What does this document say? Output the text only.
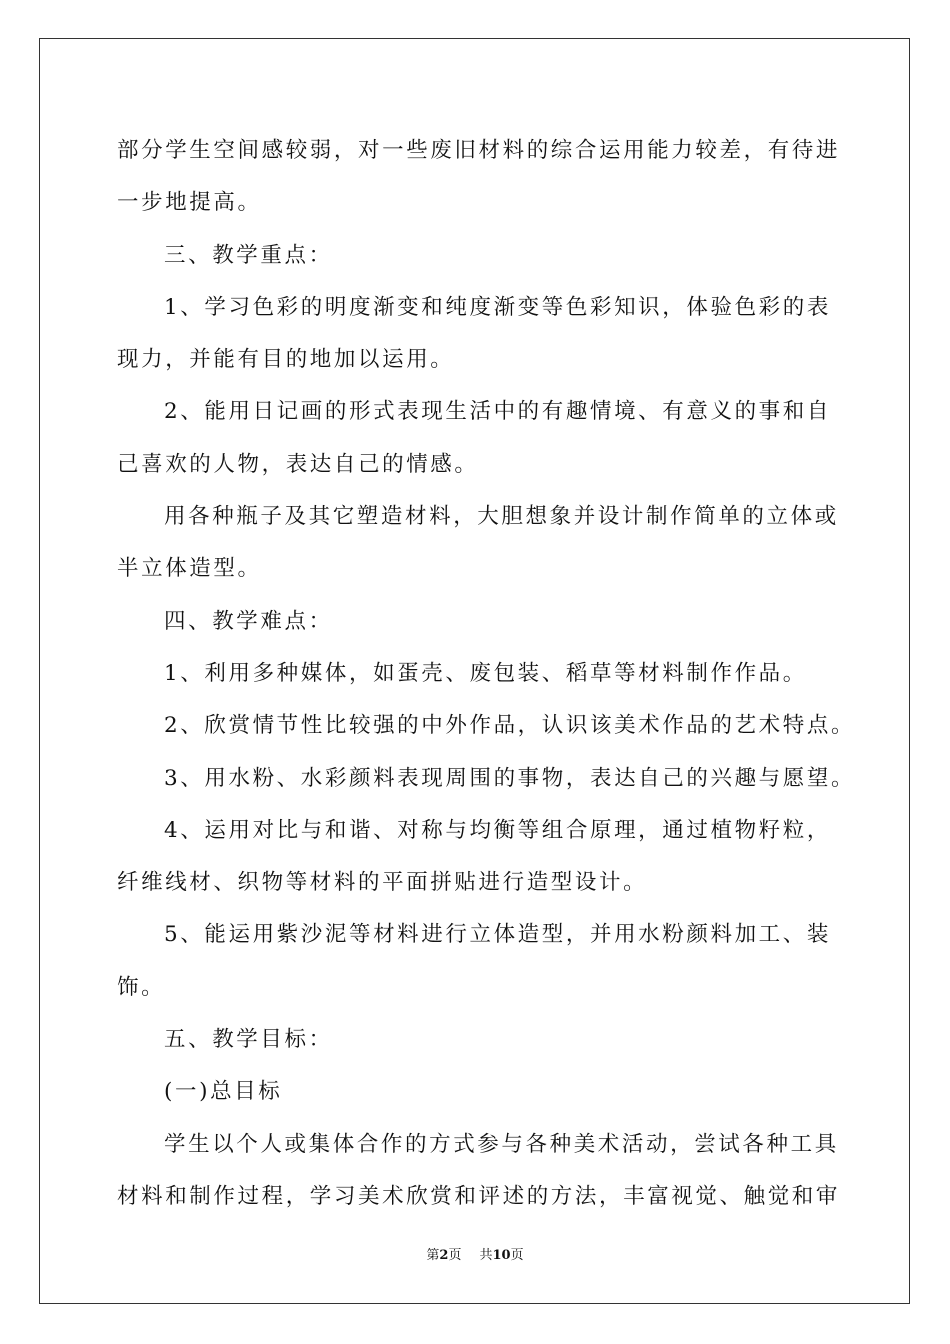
部分学生空间感较弱，对一些废旧材料的综合运用能力较差，有待进
一步地提高。
三、教学重点：
1、学习色彩的明度渐变和纯度渐变等色彩知识，体验色彩的表
现力，并能有目的地加以运用。
2、能用日记画的形式表现生活中的有趣情境、有意义的事和自
己喜欢的人物，表达自己的情感。
用各种瓶子及其它塑造材料，大胆想象并设计制作简单的立体或
半立体造型。
四、教学难点：
1、利用多种媒体，如蛋壳、废包装、稻草等材料制作作品。
2、欣赏情节性比较强的中外作品，认识该美术作品的艺术特点。
3、用水粉、水彩颜料表现周围的事物，表达自己的兴趣与愿望。
4、运用对比与和谐、对称与均衡等组合原理，通过植物籽粒，
纤维线材、织物等材料的平面拼贴进行造型设计。
5、能运用紫沙泥等材料进行立体造型，并用水粉颜料加工、装
饰。
五、教学目标：
(一)总目标
学生以个人或集体合作的方式参与各种美术活动，尝试各种工具
材料和制作过程，学习美术欣赏和评述的方法，丰富视觉、触觉和审
第2页 共10页
